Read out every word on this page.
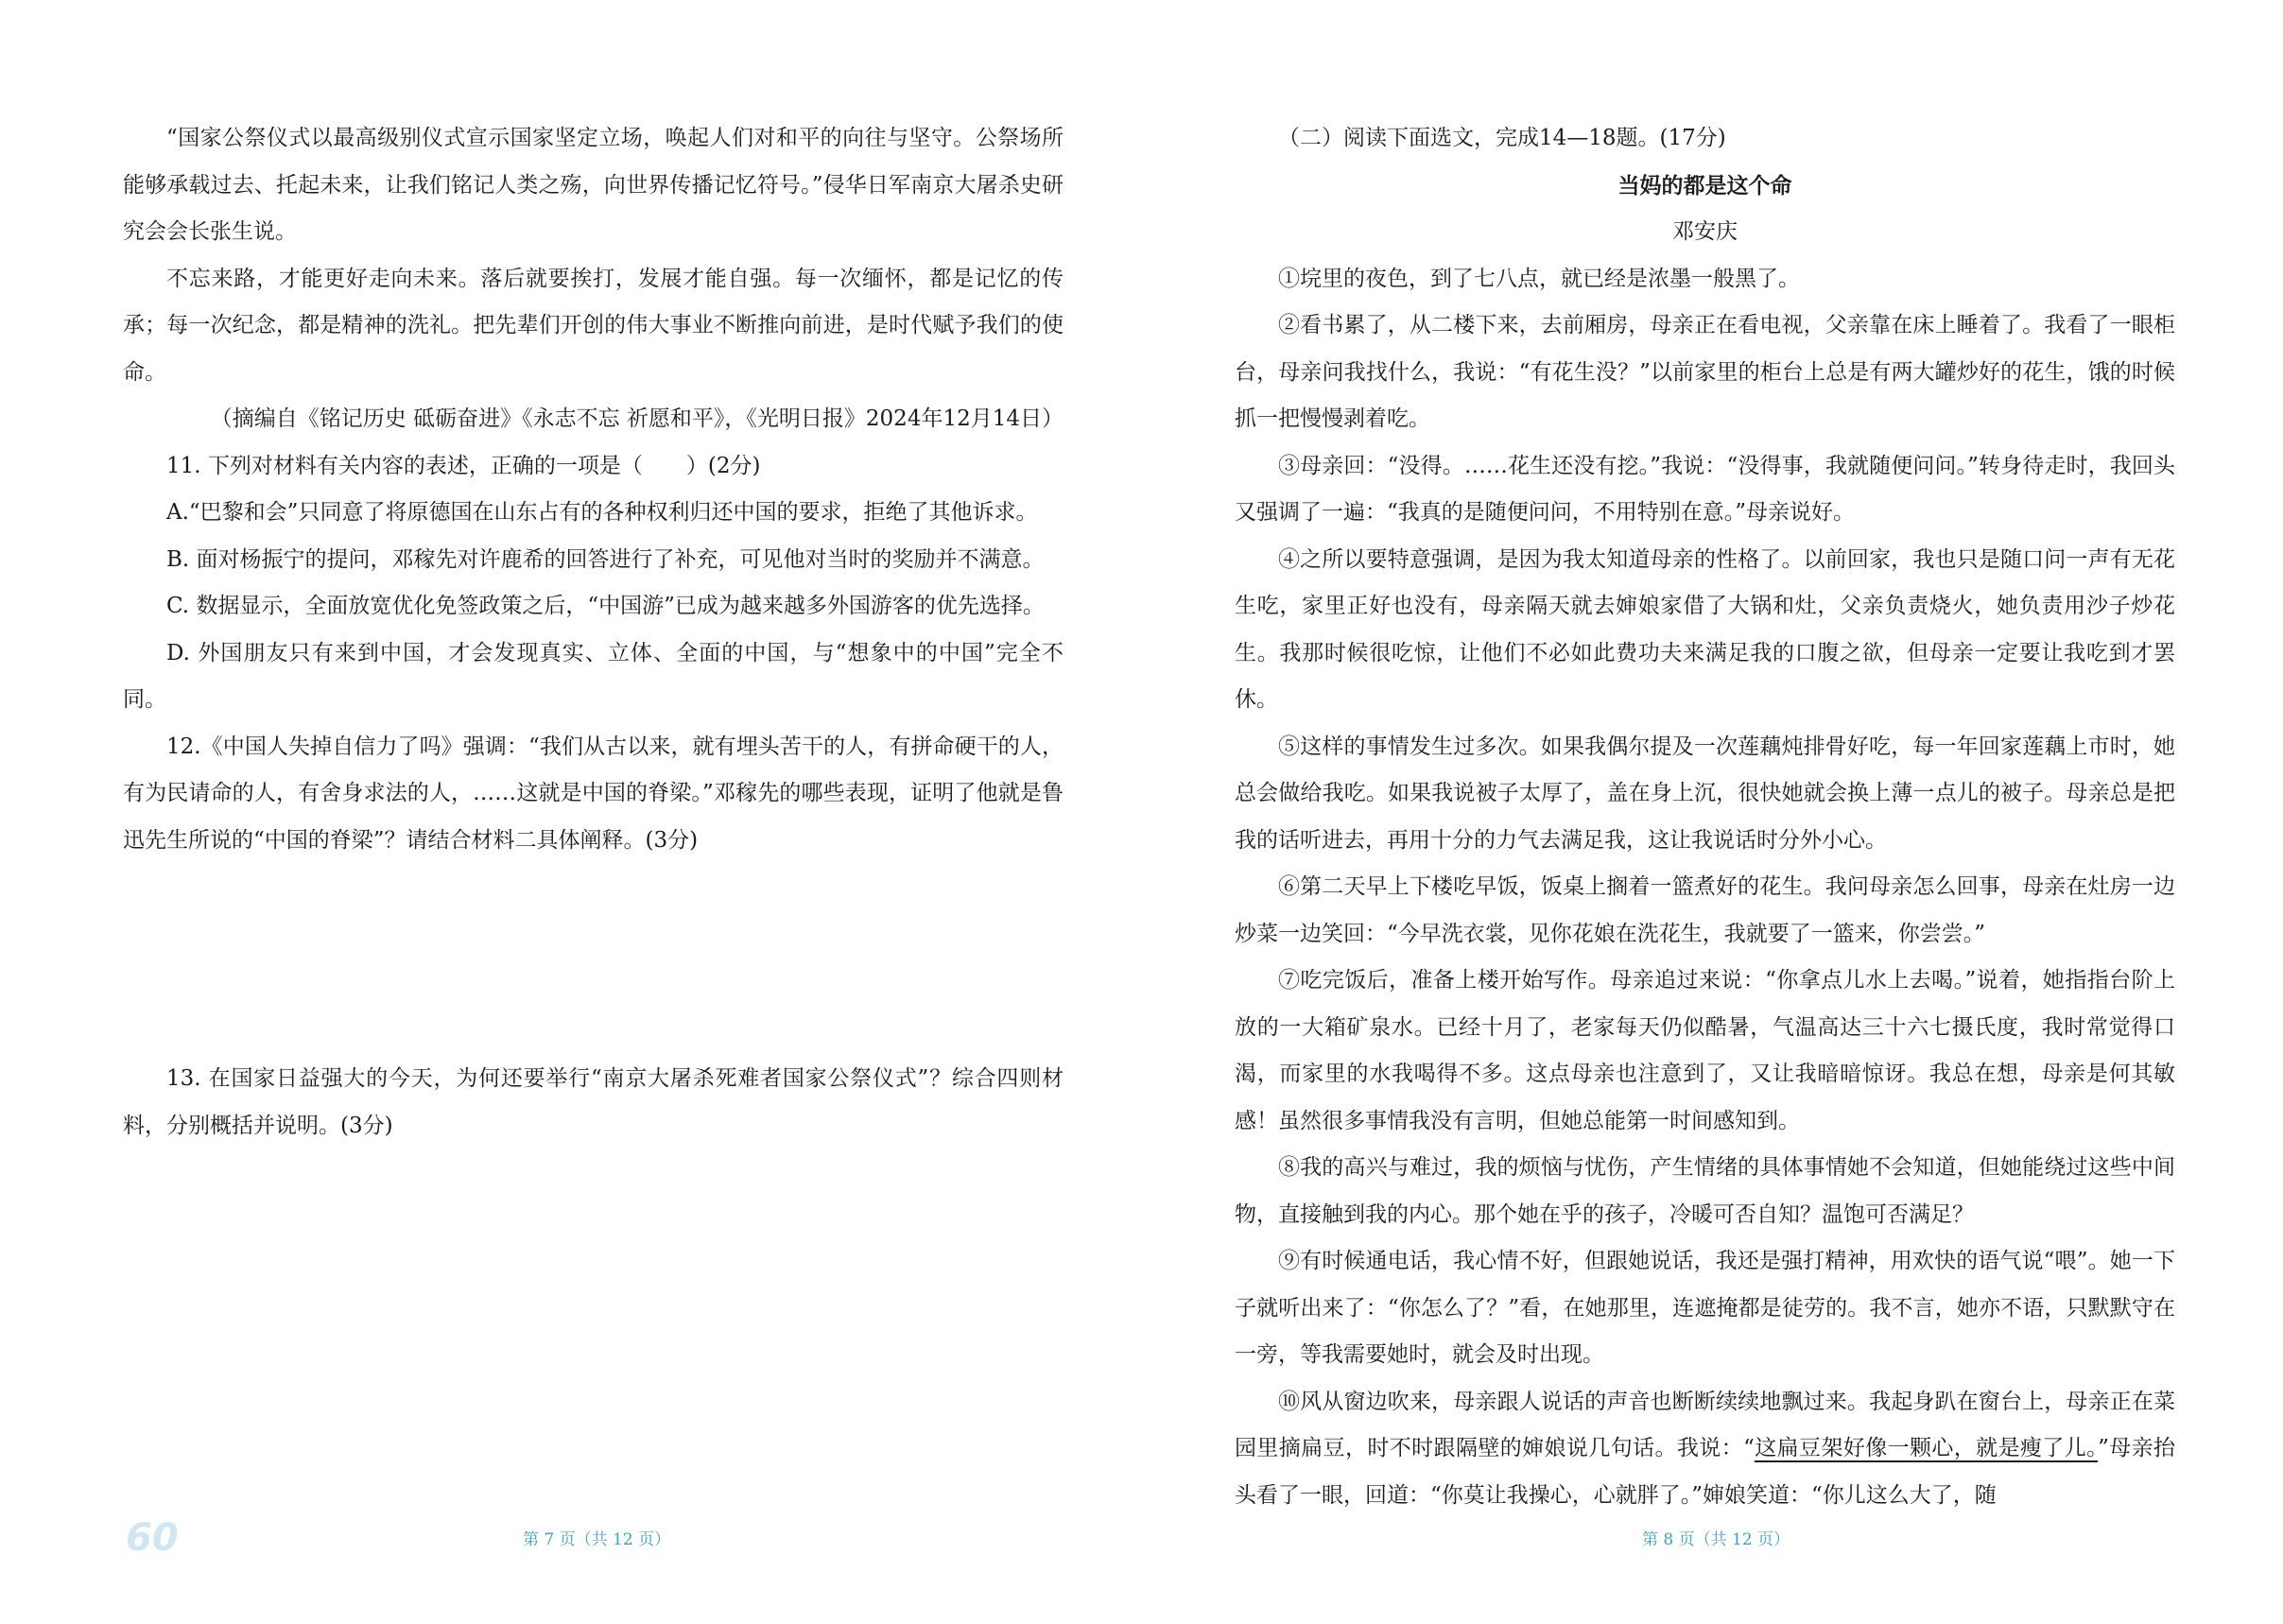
“国家公祭仪式以最高级别仪式宣示国家坚定立场，唤起人们对和平的向往与坚守。公祭场所能够承载过去、托起未来，让我们铭记人类之殇，向世界传播记忆符号。”侵华日军南京大屠杀史研究会会长张生说。

不忘来路，才能更好走向未来。落后就要挨打，发展才能自强。每一次缅怀，都是记忆的传承；每一次纪念，都是精神的洗礼。把先辈们开创的伟大事业不断推向前进，是时代赋予我们的使命。

（摘编自《铭记历史 砥砺奋进》《永志不忘 祈愿和平》，《光明日报》2024年12月14日）

11. 下列对材料有关内容的表述，正确的一项是（　　）(2分)

A.“巴黎和会”只同意了将原德国在山东占有的各种权利归还中国的要求，拒绝了其他诉求。

B. 面对杨振宁的提问，邓稼先对许鹿希的回答进行了补充，可见他对当时的奖励并不满意。

C. 数据显示，全面放宽优化免签政策之后，“中国游”已成为越来越多外国游客的优先选择。

D. 外国朋友只有来到中国，才会发现真实、立体、全面的中国，与“想象中的中国”完全不同。

12.《中国人失掉自信力了吗》强调：“我们从古以来，就有埋头苦干的人，有拼命硬干的人，有为民请命的人，有舍身求法的人，……这就是中国的脊梁。”邓稼先的哪些表现，证明了他就是鲁迅先生所说的“中国的脊梁”？请结合材料二具体阐释。(3分)

13. 在国家日益强大的今天，为何还要举行“南京大屠杀死难者国家公祭仪式”？综合四则材料，分别概括并说明。(3分)

60	第 7 页（共 12 页）

（二）阅读下面选文，完成14—18题。(17分)

当妈的都是这个命

邓安庆

①垸里的夜色，到了七八点，就已经是浓墨一般黑了。

②看书累了，从二楼下来，去前厢房，母亲正在看电视，父亲靠在床上睡着了。我看了一眼柜台，母亲问我找什么，我说：“有花生没？”以前家里的柜台上总是有两大罐炒好的花生，饿的时候抓一把慢慢剥着吃。

③母亲回：“没得。……花生还没有挖。”我说：“没得事，我就随便问问。”转身待走时，我回头又强调了一遍：“我真的是随便问问，不用特别在意。”母亲说好。

④之所以要特意强调，是因为我太知道母亲的性格了。以前回家，我也只是随口问一声有无花生吃，家里正好也没有，母亲隔天就去婶娘家借了大锅和灶，父亲负责烧火，她负责用沙子炒花生。我那时候很吃惊，让他们不必如此费功夫来满足我的口腹之欲，但母亲一定要让我吃到才罢休。

⑤这样的事情发生过多次。如果我偶尔提及一次莲藕炖排骨好吃，每一年回家莲藕上市时，她总会做给我吃。如果我说被子太厚了，盖在身上沉，很快她就会换上薄一点儿的被子。母亲总是把我的话听进去，再用十分的力气去满足我，这让我说话时分外小心。

⑥第二天早上下楼吃早饭，饭桌上搁着一篮煮好的花生。我问母亲怎么回事，母亲在灶房一边炒菜一边笑回：“今早洗衣裳，见你花娘在洗花生，我就要了一篮来，你尝尝。”

⑦吃完饭后，准备上楼开始写作。母亲追过来说：“你拿点儿水上去喝。”说着，她指指台阶上放的一大箱矿泉水。已经十月了，老家每天仍似酷暑，气温高达三十六七摄氏度，我时常觉得口渴，而家里的水我喝得不多。这点母亲也注意到了，又让我暗暗惊讶。我总在想，母亲是何其敏感！虽然很多事情我没有言明，但她总能第一时间感知到。

⑧我的高兴与难过，我的烦恼与忧伤，产生情绪的具体事情她不会知道，但她能绕过这些中间物，直接触到我的内心。那个她在乎的孩子，冷暖可否自知？温饱可否满足？

⑨有时候通电话，我心情不好，但跟她说话，我还是强打精神，用欢快的语气说“喂”。她一下子就听出来了：“你怎么了？”看，在她那里，连遮掩都是徒劳的。我不言，她亦不语，只默默守在一旁，等我需要她时，就会及时出现。

⑩风从窗边吹来，母亲跟人说话的声音也断断续续地飘过来。我起身趴在窗台上，母亲正在菜园里摘扁豆，时不时跟隔壁的婶娘说几句话。我说：“这扁豆架好像一颗心，就是瘦了儿。”母亲抬头看了一眼，回道：“你莫让我操心，心就胖了。”婶娘笑道：“你儿这么大了，随

第 8 页（共 12 页）
